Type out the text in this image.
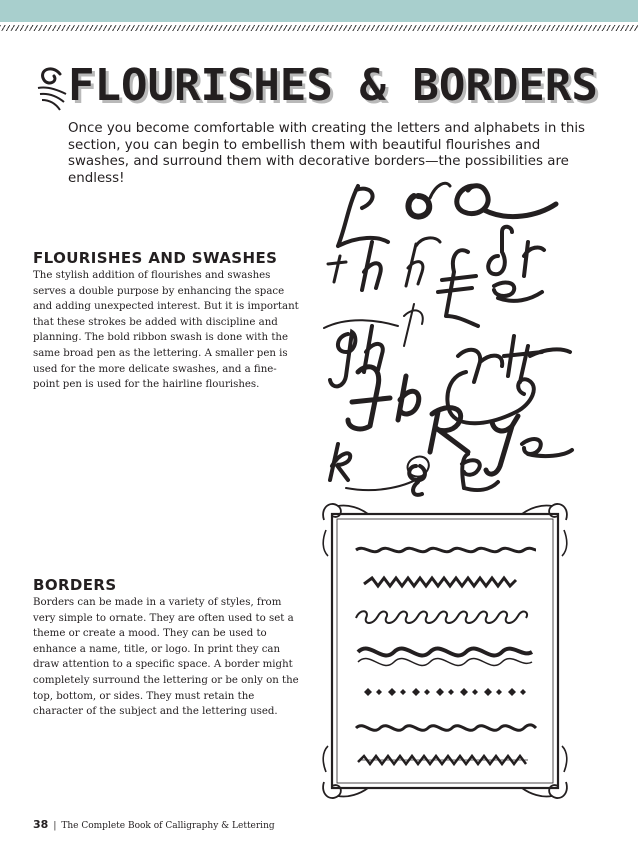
FLOURISHES & BORDERS

Once you become comfortable with creating the letters and alphabets in this section, you can begin to embellish them with beautiful flourishes and swashes, and surround them with decorative borders—the possibilities are endless!

FLOURISHES AND SWASHES

The stylish addition of flourishes and swashes serves a double purpose by enhancing the space and adding unexpected interest. But it is important that these strokes be added with discipline and planning. The bold ribbon swash is done with the same broad pen as the lettering. A smaller pen is used for the more delicate swashes, and a fine-point pen is used for the hairline flourishes.

BORDERS

Borders can be made in a variety of styles, from very simple to ornate. They are often used to set a theme or create a mood. They can be used to enhance a name, title, or logo. In print they can draw attention to a specific space. A border might completely surround the lettering or be only on the top, bottom, or sides. They must retain the character of the subject and the lettering used.

38 | The Complete Book of Calligraphy & Lettering
